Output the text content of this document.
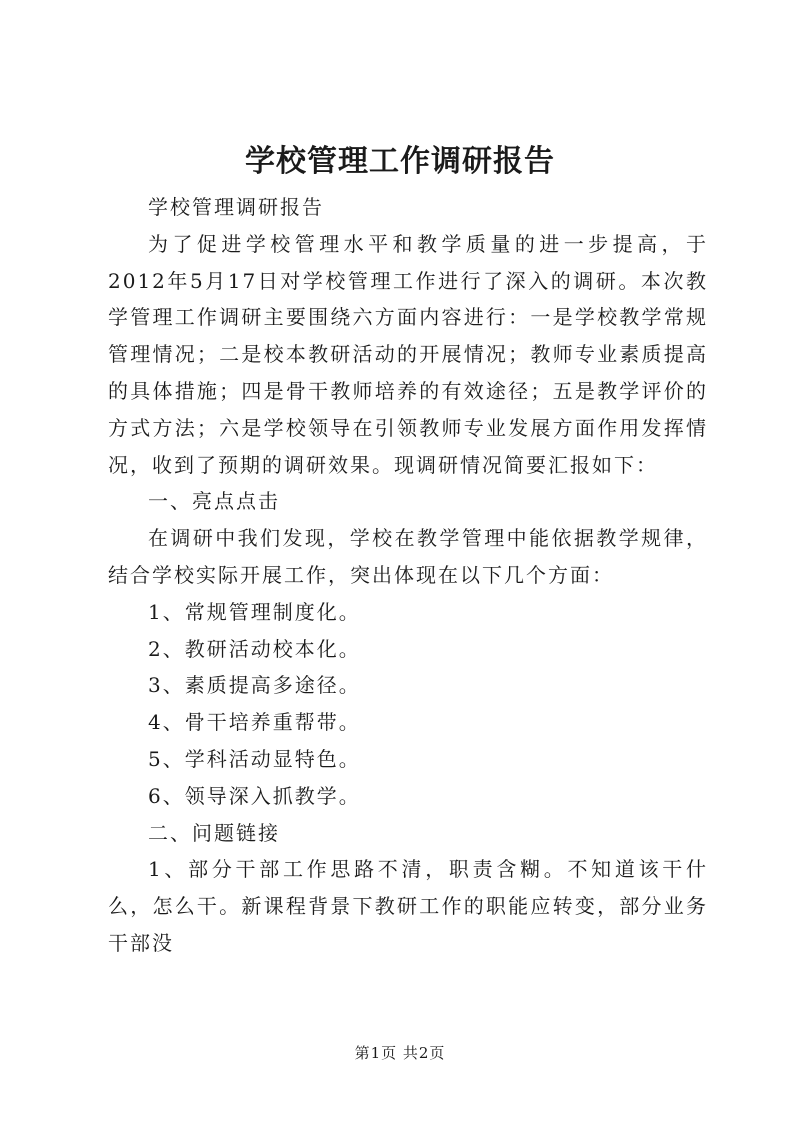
学校管理工作调研报告

学校管理调研报告

为了促进学校管理水平和教学质量的进一步提高，于2012年5月17日对学校管理工作进行了深入的调研。本次教学管理工作调研主要围绕六方面内容进行：一是学校教学常规管理情况；二是校本教研活动的开展情况；教师专业素质提高的具体措施；四是骨干教师培养的有效途径；五是教学评价的方式方法；六是学校领导在引领教师专业发展方面作用发挥情况，收到了预期的调研效果。现调研情况简要汇报如下：

一、亮点点击

在调研中我们发现，学校在教学管理中能依据教学规律，结合学校实际开展工作，突出体现在以下几个方面：

1、常规管理制度化。

2、教研活动校本化。

3、素质提高多途径。

4、骨干培养重帮带。

5、学科活动显特色。

6、领导深入抓教学。

二、问题链接

1、部分干部工作思路不清，职责含糊。不知道该干什么，怎么干。新课程背景下教研工作的职能应转变，部分业务干部没

第1页 共2页
